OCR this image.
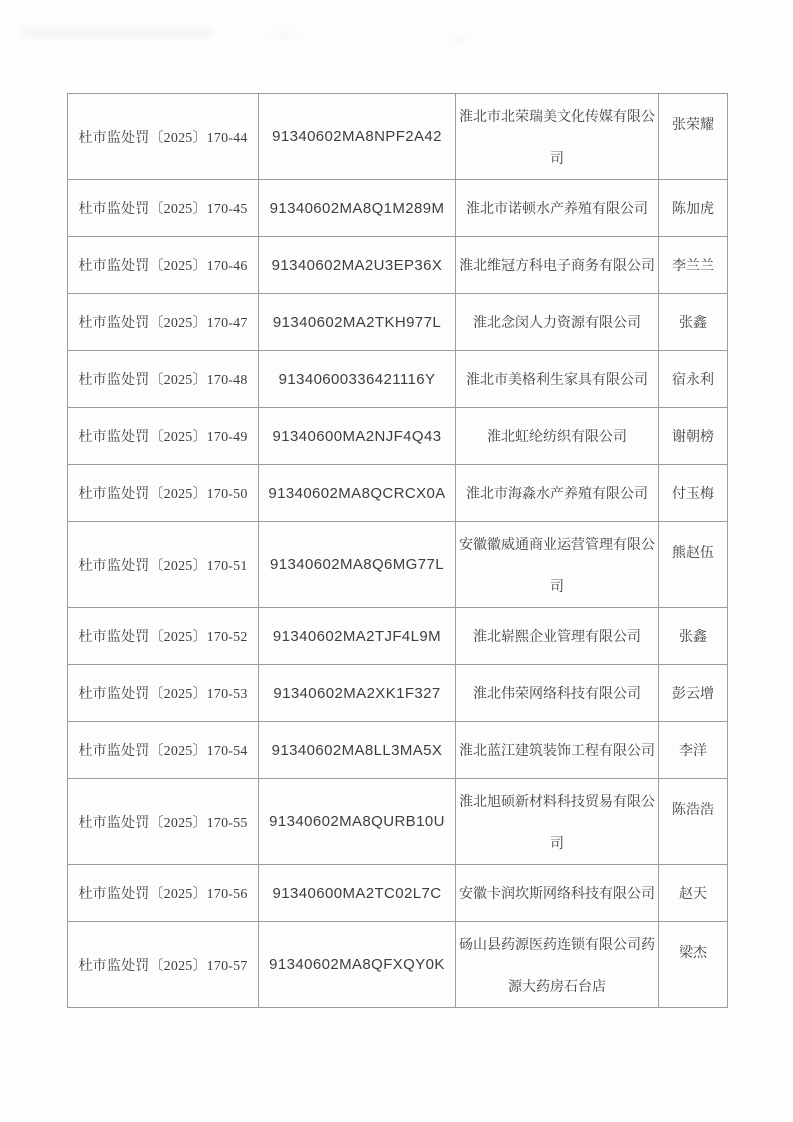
杜市监处罚〔2025〕170-44	91340602MA8NPF2A42	淮北市北荣瑞美文化传媒有限公司	张荣耀
杜市监处罚〔2025〕170-45	91340602MA8Q1M289M	淮北市诺顿水产养殖有限公司	陈加虎
杜市监处罚〔2025〕170-46	91340602MA2U3EP36X	淮北维冠方科电子商务有限公司	李兰兰
杜市监处罚〔2025〕170-47	91340602MA2TKH977L	淮北念闵人力资源有限公司	张鑫
杜市监处罚〔2025〕170-48	91340600336421116Y	淮北市美格利生家具有限公司	宿永利
杜市监处罚〔2025〕170-49	91340600MA2NJF4Q43	淮北虹纶纺织有限公司	谢朝榜
杜市监处罚〔2025〕170-50	91340602MA8QCRCX0A	淮北市海淼水产养殖有限公司	付玉梅
杜市监处罚〔2025〕170-51	91340602MA8Q6MG77L	安徽徽威通商业运营管理有限公司	熊赵伍
杜市监处罚〔2025〕170-52	91340602MA2TJF4L9M	淮北崭熙企业管理有限公司	张鑫
杜市监处罚〔2025〕170-53	91340602MA2XK1F327	淮北伟荣网络科技有限公司	彭云增
杜市监处罚〔2025〕170-54	91340602MA8LL3MA5X	淮北蓝江建筑装饰工程有限公司	李洋
杜市监处罚〔2025〕170-55	91340602MA8QURB10U	淮北旭硕新材料科技贸易有限公司	陈浩浩
杜市监处罚〔2025〕170-56	91340600MA2TC02L7C	安徽卡润坎斯网络科技有限公司	赵天
杜市监处罚〔2025〕170-57	91340602MA8QFXQY0K	砀山县药源医药连锁有限公司药源大药房石台店	梁杰
